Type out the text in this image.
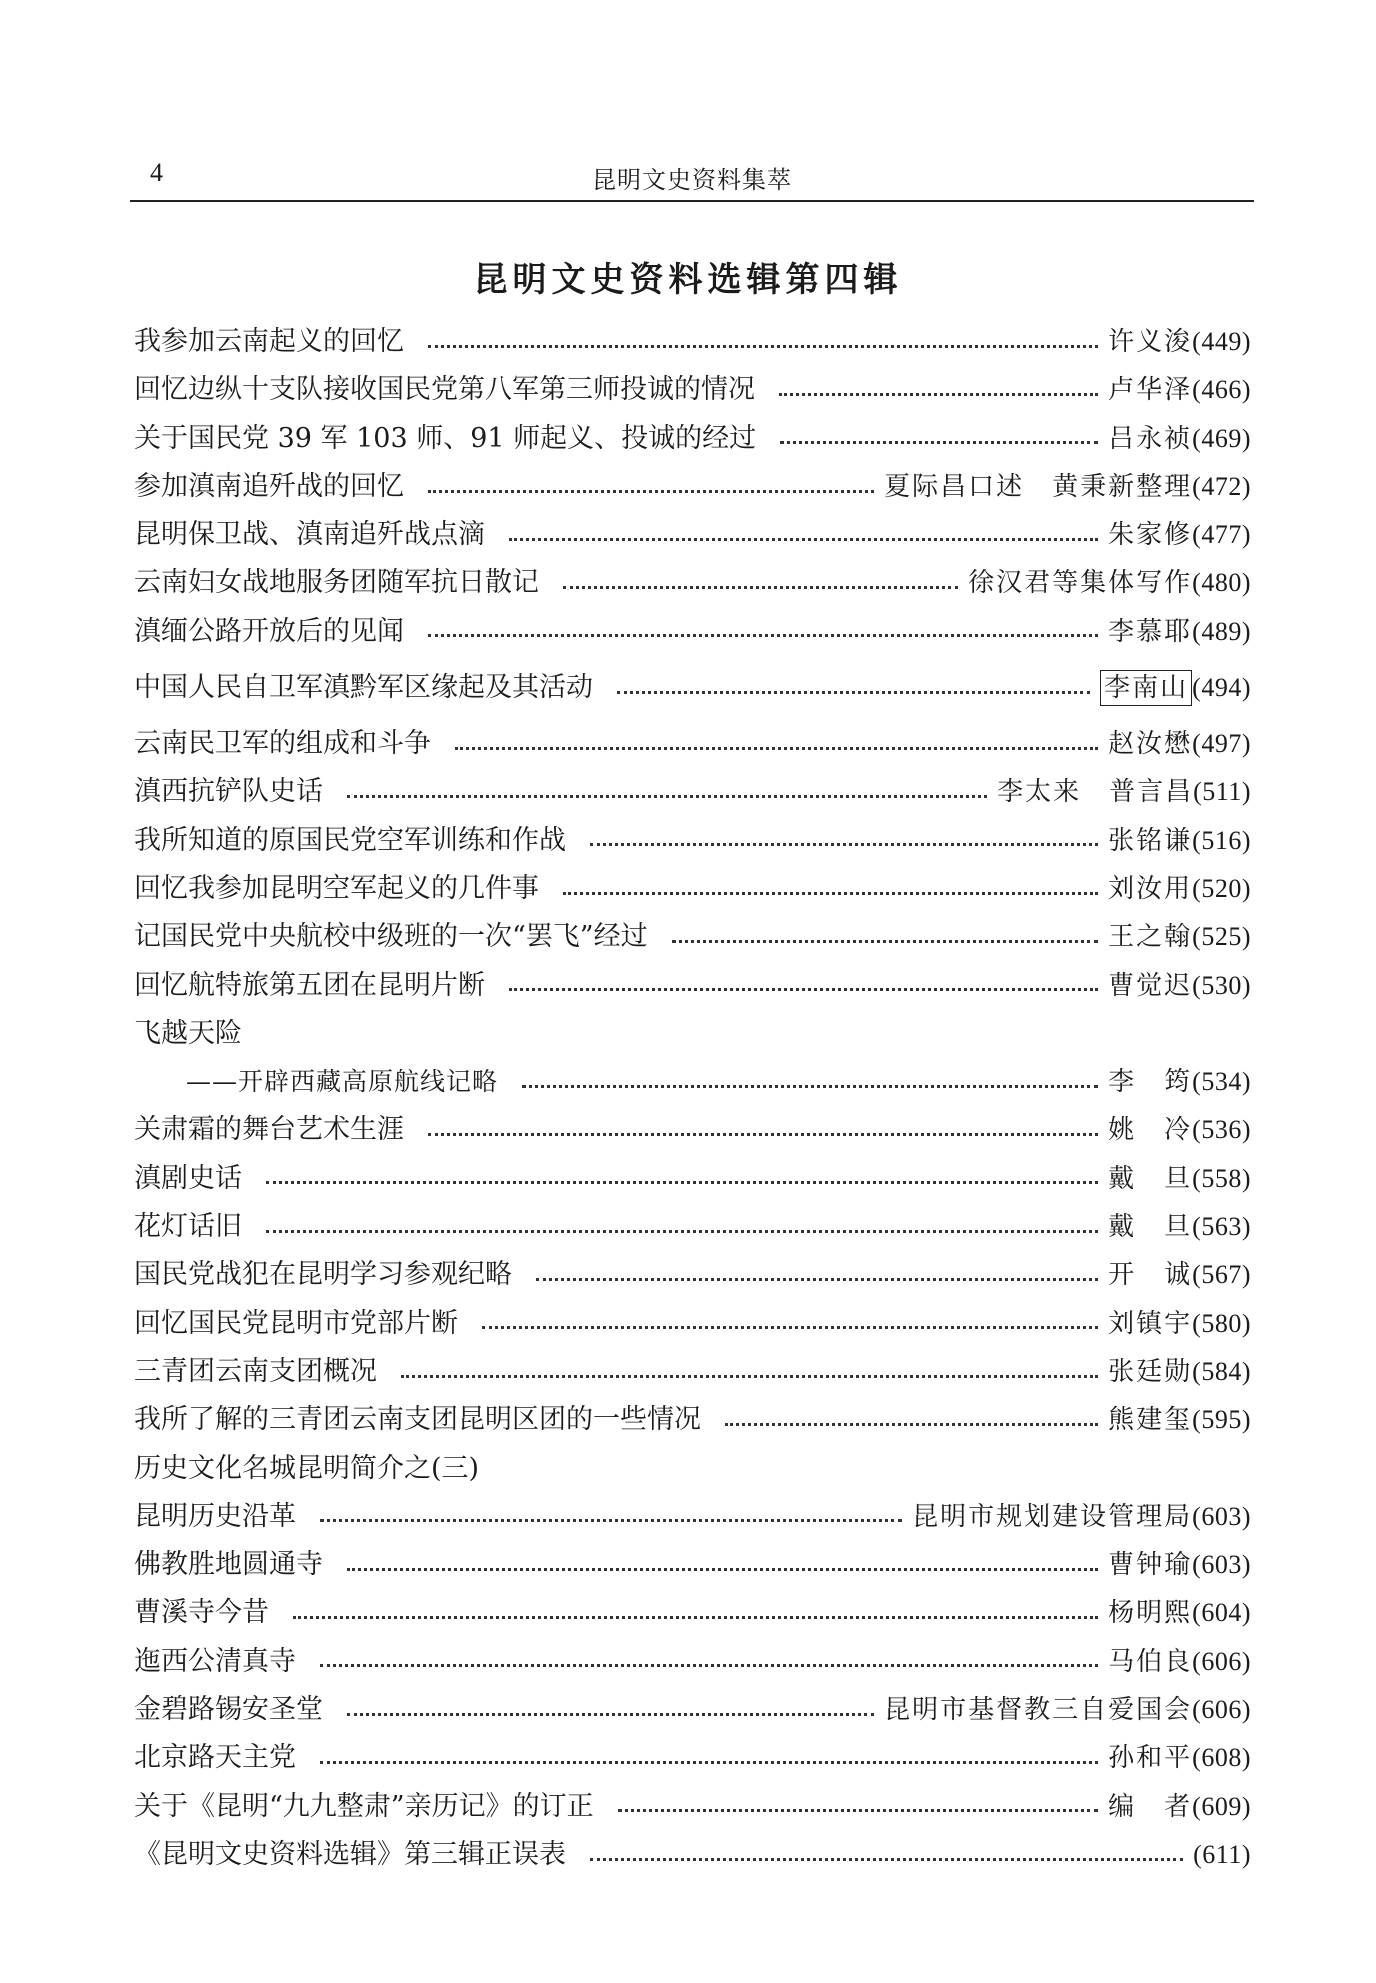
4	昆明文史资料集萃
昆明文史资料选辑第四辑
我参加云南起义的回忆	许义浚 (449)
回忆边纵十支队接收国民党第八军第三师投诚的情况	卢华泽 (466)
关于国民党 39 军 103 师、91 师起义、投诚的经过	吕永祯 (469)
参加滇南追歼战的回忆	夏际昌口述　黄秉新整理 (472)
昆明保卫战、滇南追歼战点滴	朱家修 (477)
云南妇女战地服务团随军抗日散记	徐汉君等集体写作 (480)
滇缅公路开放后的见闻	李慕耶 (489)
中国人民自卫军滇黔军区缘起及其活动	李南山 (494)
云南民卫军的组成和斗争	赵汝懋 (497)
滇西抗铲队史话	李太来　普言昌 (511)
我所知道的原国民党空军训练和作战	张铭谦 (516)
回忆我参加昆明空军起义的几件事	刘汝用 (520)
记国民党中央航校中级班的一次“罢飞”经过	王之翰 (525)
回忆航特旅第五团在昆明片断	曹觉迟 (530)
飞越天险
——开辟西藏高原航线记略	李　筠 (534)
关肃霜的舞台艺术生涯	姚　冷 (536)
滇剧史话	戴　旦 (558)
花灯话旧	戴　旦 (563)
国民党战犯在昆明学习参观纪略	开　诚 (567)
回忆国民党昆明市党部片断	刘镇宇 (580)
三青团云南支团概况	张廷勋 (584)
我所了解的三青团云南支团昆明区团的一些情况	熊建玺 (595)
历史文化名城昆明简介之(三)
昆明历史沿革	昆明市规划建设管理局 (603)
佛教胜地圆通寺	曹钟瑜 (603)
曹溪寺今昔	杨明熙 (604)
迤西公清真寺	马伯良 (606)
金碧路锡安圣堂	昆明市基督教三自爱国会 (606)
北京路天主党	孙和平 (608)
关于《昆明“九九整肃”亲历记》的订正	编　者 (609)
《昆明文史资料选辑》第三辑正误表	(611)
